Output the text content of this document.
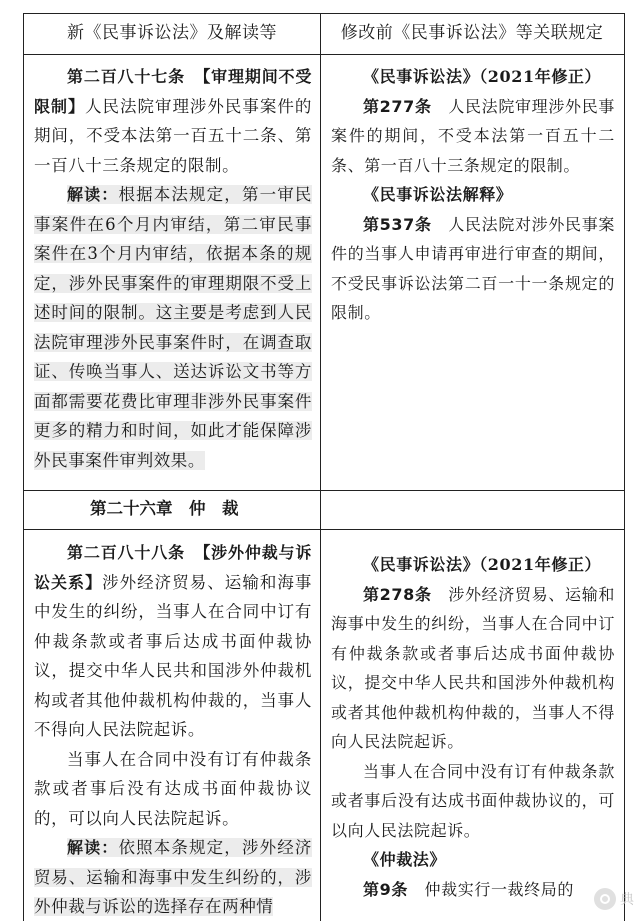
新《民事诉讼法》及解读等	修改前《民事诉讼法》等关联规定

第二百八十七条　 【审理期间不受限制】人民法院审理涉外民事案件的期间，不受本法第一百五十二条、第一百八十三条规定的限制。

解读：根据本法规定，第一审民事案件在6个月内审结，第二审民事案件在3个月内审结，依据本条的规定，涉外民事案件的审理期限不受上述时间的限制。这主要是考虑到人民法院审理涉外民事案件时，在调查取证、传唤当事人、送达诉讼文书等方面都需要花费比审理非涉外民事案件更多的精力和时间，如此才能保障涉外民事案件审判效果。

《民事诉讼法》（2021年修正）

第277条　 人民法院审理涉外民事案件的期间，不受本法第一百五十二条、第一百八十三条规定的限制。

《民事诉讼法解释》

第537条　 人民法院对涉外民事案件的当事人申请再审进行审查的期间，不受民事诉讼法第二百一十一条规定的限制。

第二十六章　仲　裁

第二百八十八条　 【涉外仲裁与诉讼关系】涉外经济贸易、运输和海事中发生的纠纷，当事人在合同中订有仲裁条款或者事后达成书面仲裁协议，提交中华人民共和国涉外仲裁机构或者其他仲裁机构仲裁的，当事人不得向人民法院起诉。

当事人在合同中没有订有仲裁条款或者事后没有达成书面仲裁协议的，可以向人民法院起诉。

解读：依照本条规定，涉外经济贸易、运输和海事中发生纠纷的，涉外仲裁与诉讼的选择存在两种情

《民事诉讼法》（2021年修正）

第278条　 涉外经济贸易、运输和海事中发生的纠纷，当事人在合同中订有仲裁条款或者事后达成书面仲裁协议，提交中华人民共和国涉外仲裁机构或者其他仲裁机构仲裁的，当事人不得向人民法院起诉。

当事人在合同中没有订有仲裁条款或者事后没有达成书面仲裁协议的，可以向人民法院起诉。

《仲裁法》

第9条　 仲裁实行一裁终局的

典
